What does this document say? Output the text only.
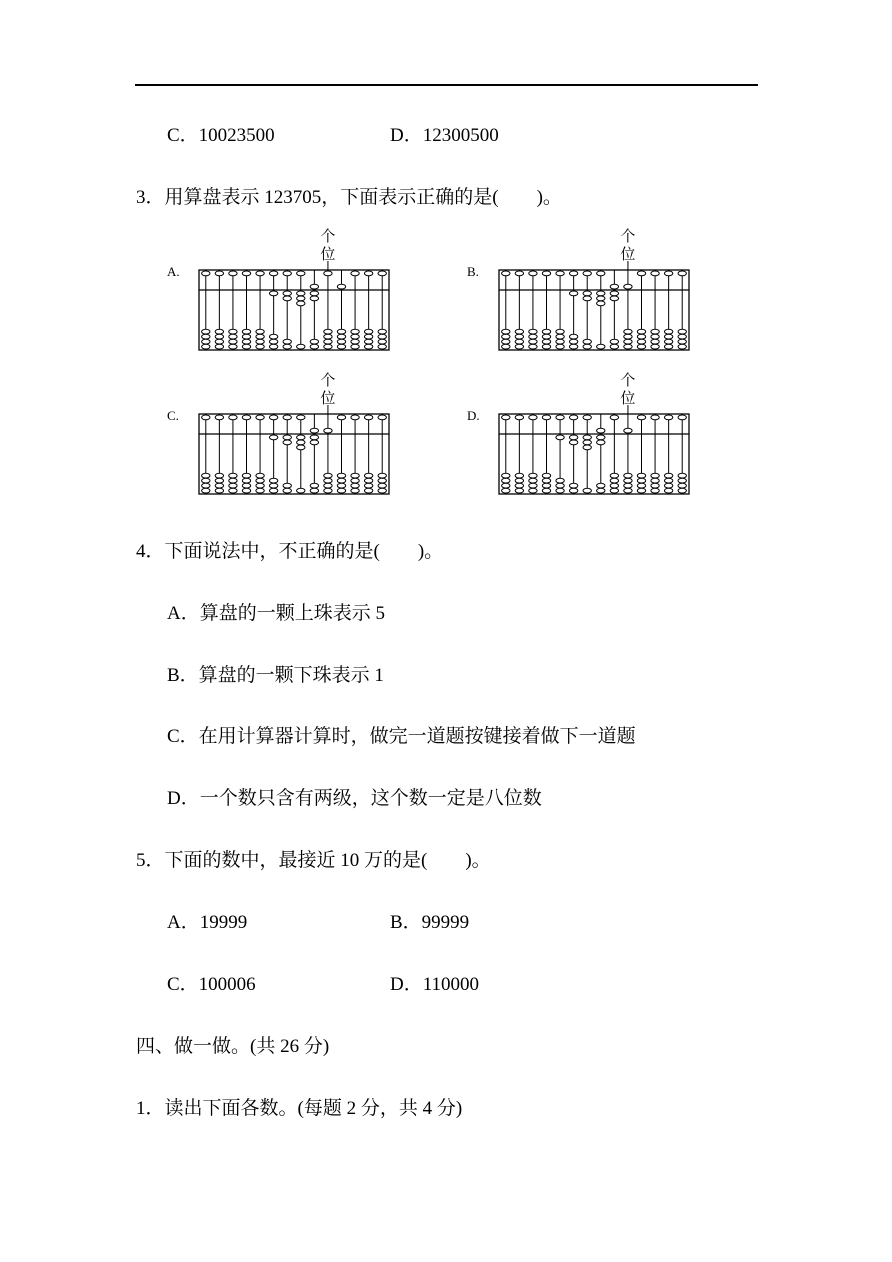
C．10023500	D．12300500
3．用算盘表示 123705，下面表示正确的是(　　)。
A.
个
位
B.
个
位
C.
个
位
D.
个
位
4．下面说法中，不正确的是(　　)。
A．算盘的一颗上珠表示 5
B．算盘的一颗下珠表示 1
C．在用计算器计算时，做完一道题按键接着做下一道题
D．一个数只含有两级，这个数一定是八位数
5．下面的数中，最接近 10 万的是(　　)。
A．19999	B．99999
C．100006	D．110000
四、做一做。(共 26 分)
1．读出下面各数。(每题 2 分，共 4 分)
